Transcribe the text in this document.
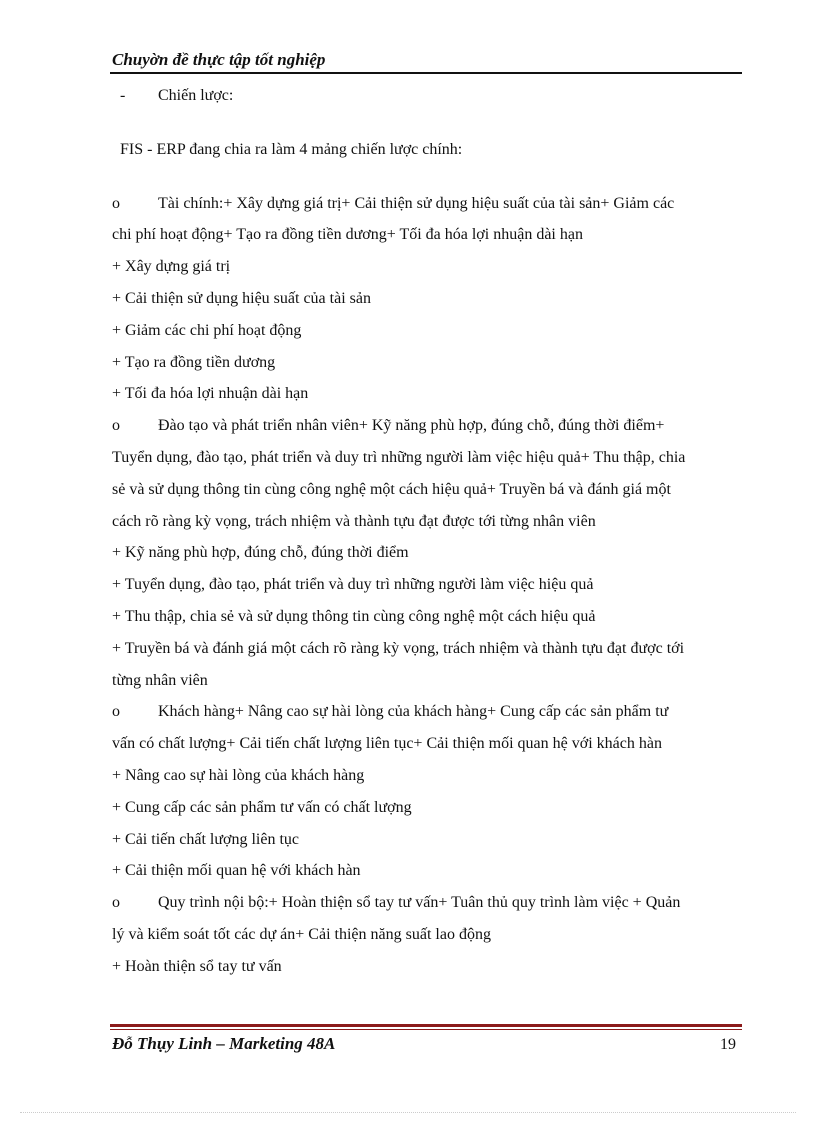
Chuyờn đề thực tập tốt nghiệp
- Chiến lược:
FIS - ERP đang chia ra làm 4 mảng chiến lược chính:
o Tài chính:+ Xây dựng giá trị+ Cải thiện sử dụng hiệu suất của tài sản+ Giảm các
chi phí hoạt động+ Tạo ra đồng tiền dương+ Tối đa hóa lợi nhuận dài hạn
+ Xây dựng giá trị
+ Cải thiện sử dụng hiệu suất của tài sản
+ Giảm các chi phí hoạt động
+ Tạo ra đồng tiền dương
+ Tối đa hóa lợi nhuận dài hạn
o Đào tạo và phát triển nhân viên+ Kỹ năng phù hợp, đúng chỗ, đúng thời điểm+
Tuyển dụng, đào tạo, phát triển và duy trì những người làm việc hiệu quả+ Thu thập, chia
sẻ và sử dụng thông tin cùng công nghệ một cách hiệu quả+ Truyền bá và đánh giá một
cách rõ ràng kỳ vọng, trách nhiệm và thành tựu đạt được tới từng nhân viên
+ Kỹ năng phù hợp, đúng chỗ, đúng thời điểm
+ Tuyển dụng, đào tạo, phát triển và duy trì những người làm việc hiệu quả
+ Thu thập, chia sẻ và sử dụng thông tin cùng công nghệ một cách hiệu quả
+ Truyền bá và đánh giá một cách rõ ràng kỳ vọng, trách nhiệm và thành tựu đạt được tới
từng nhân viên
o Khách hàng+ Nâng cao sự hài lòng của khách hàng+ Cung cấp các sản phẩm tư
vấn có chất lượng+ Cải tiến chất lượng liên tục+ Cải thiện mối quan hệ với khách hàn
+ Nâng cao sự hài lòng của khách hàng
+ Cung cấp các sản phẩm tư vấn có chất lượng
+ Cải tiến chất lượng liên tục
+ Cải thiện mối quan hệ với khách hàn
o Quy trình nội bộ:+ Hoàn thiện sổ tay tư vấn+ Tuân thủ quy trình làm việc + Quản
lý và kiểm soát tốt các dự án+ Cải thiện năng suất lao động
+ Hoàn thiện sổ tay tư vấn
Đỗ Thụy Linh – Marketing 48A	19
